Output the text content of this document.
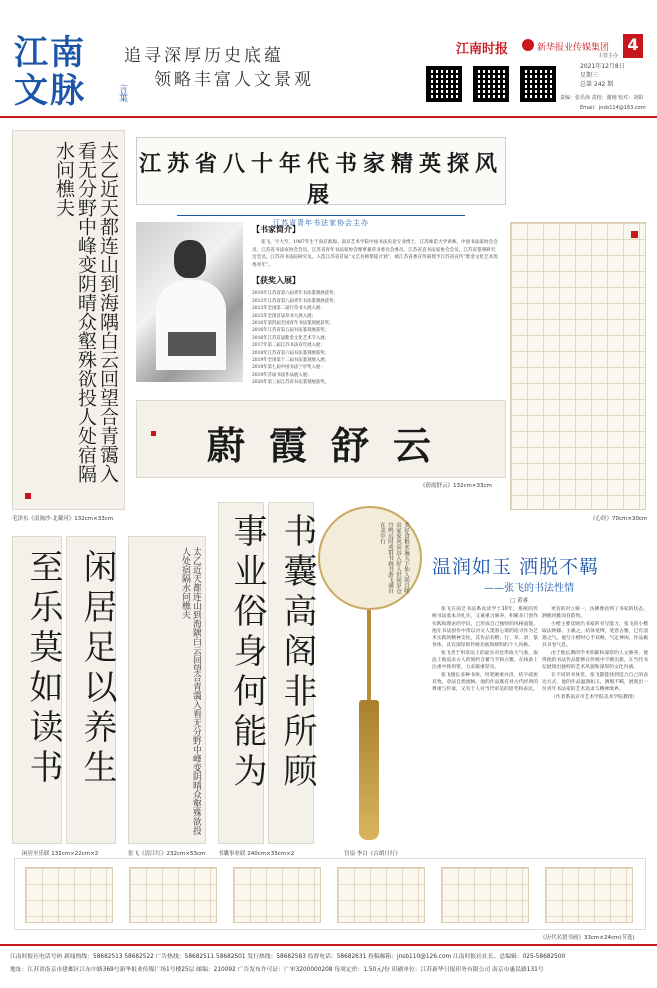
江南文脉	言葉
追寻深厚历史底蕴
领略丰富人文景观
江南时报	新华报业传媒集团
主管主办
4
2021年12月8日
星期三
总第 242 期
责编：张乐海 责校：谢刚 校对：刘娟
Email：jnsb114@163.com
太乙近天都连山到海隅白云回望合青霭入看无分野中峰变阴晴众壑殊欲投人处宿隔水问樵夫
毛泽东《浪淘沙·北戴河》132cm×33cm
江苏省八十年代书家精英探风展
江苏省青年书法家协会主办
【书家简介】
张飞，字大至，1987年生于南京淮海。南京艺术学院中国书法史论专业博士，江苏师范大学讲师。中国书法家协会会员，江苏省书法家协会会员，江苏省青年书法家协会理事兼草书委员会委员，江苏省直书法家协会会员，江苏省篆刻研究会会员。江苏省书法院研究员。入选江苏省首届“文艺名师带徒计划”，被江苏省委宣传部授予江苏省宣传“紫金文化艺术优秀青年”。
【获奖入展】
2010年江苏省第六届青年书法篆刻展获奖；
2012年江苏省第八届青年书法篆刻展获奖；
2013年全国第二届行草书大展入展；
2015年全国首届草书大展入展；
2016年第四届全国青年书法篆刻展获奖；
2016年江苏省第五届书法篆刻展获奖；
2016年江苏首届紫金文化艺术节入展；
2017年第二届江苏书法双年展入展；
2018年江苏省第六届书法篆刻展获奖；
2019年全国第十二届书法篆刻展入展；
2019年第七届中国书法兰亭奖入展；
2019年首届书法作品展入展；
2020年第三届江苏省书法篆刻展获奖。
蔚霞舒云
《蔚霞舒云》132cm×33cm
《心经》70cm×30cm
至乐莫如读书 闲居足以养生
闲居至乐联 132cm×22cm×2
太乙近天都连山到海隅白云回望合青霭入看无分野中峰变阴晴众壑殊欲投人处宿隔水问樵夫
张飞《清江红》232cm×53cm
事业俗身何能为 书囊高阁非所顾
书囊事业联 240cm×33cm×2
美好食粮来遍天下仙人尚自嗟出家家风高远人好人世间岁仓宜鸣远时成群书画书游飞满自在美中行
宫扇 李白《古朗月行》
温润如玉 洒脱不羁
——张飞的书法性情
□ 黄睿

张飞在南艺书法系攻读学士10年，系统的传统书法基本功扎实，又兼重习修养，积累多门创作实践和理论的学识，已形成自己独特的风格面貌。他在书法创作中常以对文人墨客心境的追寻作为艺术实践的精神支柱，其作品有楷、行、草、隶、篆各体，具有深厚的传统功底和鲜明的个人风格。

张飞善于用章法上的虚实对比形成大气象，取法上他追求古人的简约含蓄与平和古雅，在线条上注重中锋用笔，力求凝重厚实。

张飞擅长多种书体，用笔刚柔并济，结字疏密有致，章法自然流畅。他的作品既有对古代经典的尊重与传承，又有个人对当代审美的思考和表达。

更有的对立统一，仿佛像看到了书家的状态，洒脱风雅而有韵致。

小楷主要反映出书家的书写能力，张飞的小楷取法钟繇、王羲之，结体宽博，笔意古雅，已有清逸之气。他写小楷时心手双畅，气定神闲，作品极具书卷气息。

由于他长期的学术积累和深厚的人文修养，使得他的书法作品能够在传统中不断出新，在当代书坛展现出独特的艺术风貌和深厚的文化内涵。

在不同的书体里，张飞都能找到适合自己的表达方式，他的作品温润如玉，洒脱不羁，展现出一位青年书法家的艺术追求与精神境界。

（作者系南京市艺术学院美术学院教授）

《历代名贤书画》33cm×24cm(节选)
江南时报社电话号码 新闻热线：58682513 58682522 广告热线：58682511 58682501 发行热线：58682583 监督电话：58682631 投稿邮箱：jnsb110@126.com 江南时报社社长、总编辑：025-58682500
地址：江苏省南京市建邺区江东中路369号新华报业传媒广场1号楼25层 邮编：210092 广告发布许可证：广审3200000208 每周定价：1.50元/份 印刷单位：江苏新华日报印务有限公司 南京市惠民路131号
